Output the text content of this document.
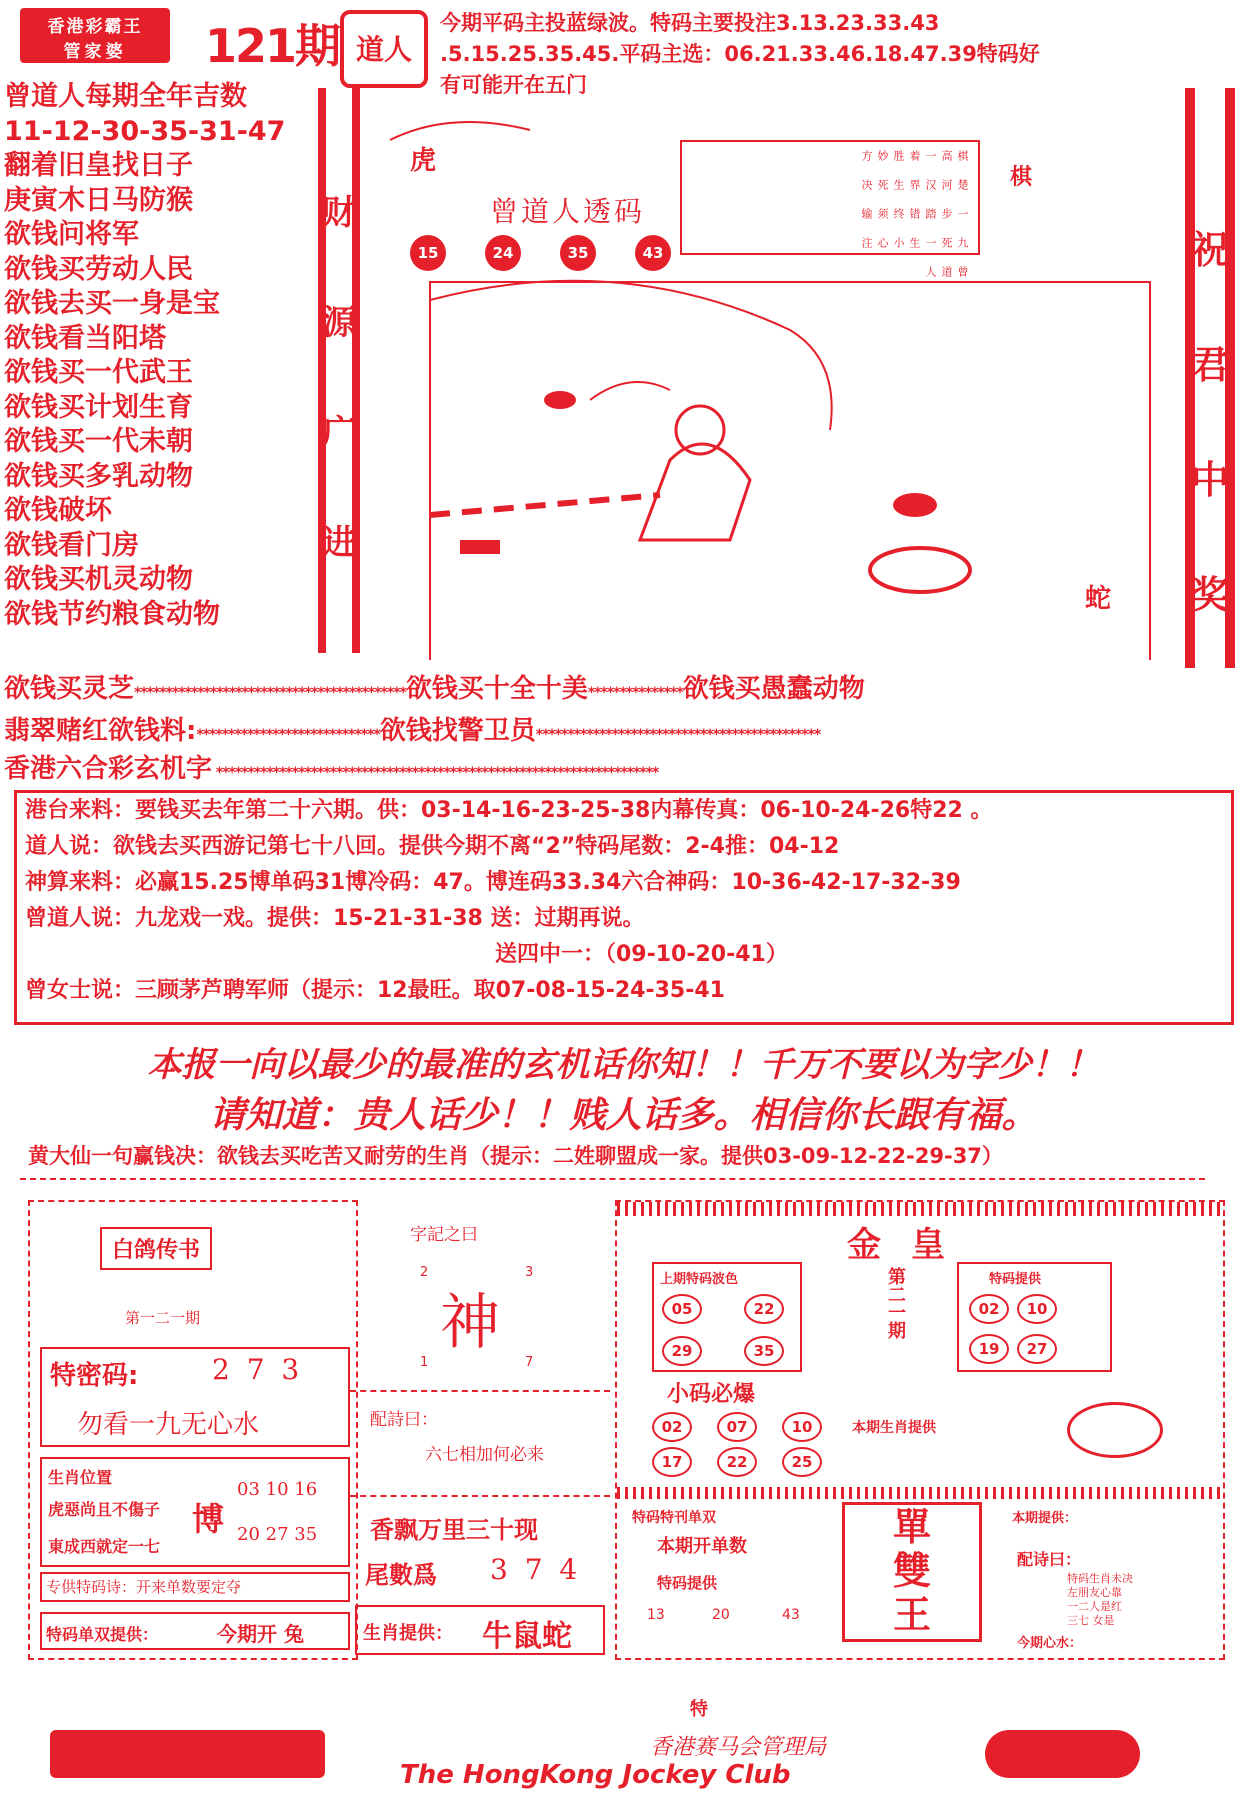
香港彩霸王
管家婆	121期 道人
今期平码主投蓝绿波。特码主要投注3.13.23.33.43
.5.15.25.35.45.平码主选：06.21.33.46.18.47.39特码好
有可能开在五门
曾道人每期全年吉数
11-12-30-35-31-47
翻着旧皇找日子
庚寅木日马防猴
欲钱问将军
欲钱买劳动人民
欲钱去买一身是宝
欲钱看当阳塔
欲钱买一代武王
欲钱买计划生育
欲钱买一代未朝
欲钱买多乳动物
欲钱破坏
欲钱看门房
欲钱买机灵动物
欲钱节约粮食动物
财
源
广
进
祝
君
中
奖
虎
曾道人透码
15	24	35	43
蛇
棋高一着胜妙方
楚河汉界生死决
一步踏错终须输
九死一生小心注
曾道人
棋
欲钱买灵芝*******************************************欲钱买十全十美***************欲钱买愚蠢动物
翡翠赌红欲钱料:*****************************欲钱找警卫员*********************************************
香港六合彩玄机字 **********************************************************************
港台来料：要钱买去年第二十六期。供：03-14-16-23-25-38内幕传真：06-10-24-26特22 。
道人说：欲钱去买西游记第七十八回。提供今期不离“2”特码尾数：2-4推：04-12
神算来料：必赢15.25博单码31博冷码：47。博连码33.34六合神码：10-36-42-17-32-39
曾道人说：九龙戏一戏。提供：15-21-31-38 送：过期再说。
送四中一：（09-10-20-41）
曾女士说：三顾茅芦聘军师（提示：12最旺。取07-08-15-24-35-41
本报一向以最少的最准的玄机话你知！！千万不要以为字少！！
请知道：贵人话少！！贱人话多。相信你长跟有福。
黄大仙一句赢钱决：欲钱去买吃苦又耐劳的生肖（提示：二姓聊盟成一家。提供03-09-12-22-29-37）
白鸽传书
第一二一期
特密码:	2 7 3
勿看一九无心水
生肖位置
虎惡尚且不傷子
東成西就定一七
博
03 10 16
20 27 35
专供特码诗：开来单数要定夺
特码单双提供：	今期开 兔
字記之曰
2	3
神
1	7
配詩曰：
六七相加何必来
香飘万里三十现
尾數爲 3 7 4
生肖提供： 牛鼠蛇
金皇
上期特码波色
05	22
29	35
第二一期	特码提供
02	10
19	27
小码必爆
02	07	10
17	22	25
本期生肖提供
特码特刊单双
本期开单数
特码提供
13	20	43
單
雙
王
本期提供：
配诗曰：
特码生肖未决
左朋友心靠
一二人是红
三七 女是
今期心水：
特
香港赛马会管理局
The HongKong Jockey Club
